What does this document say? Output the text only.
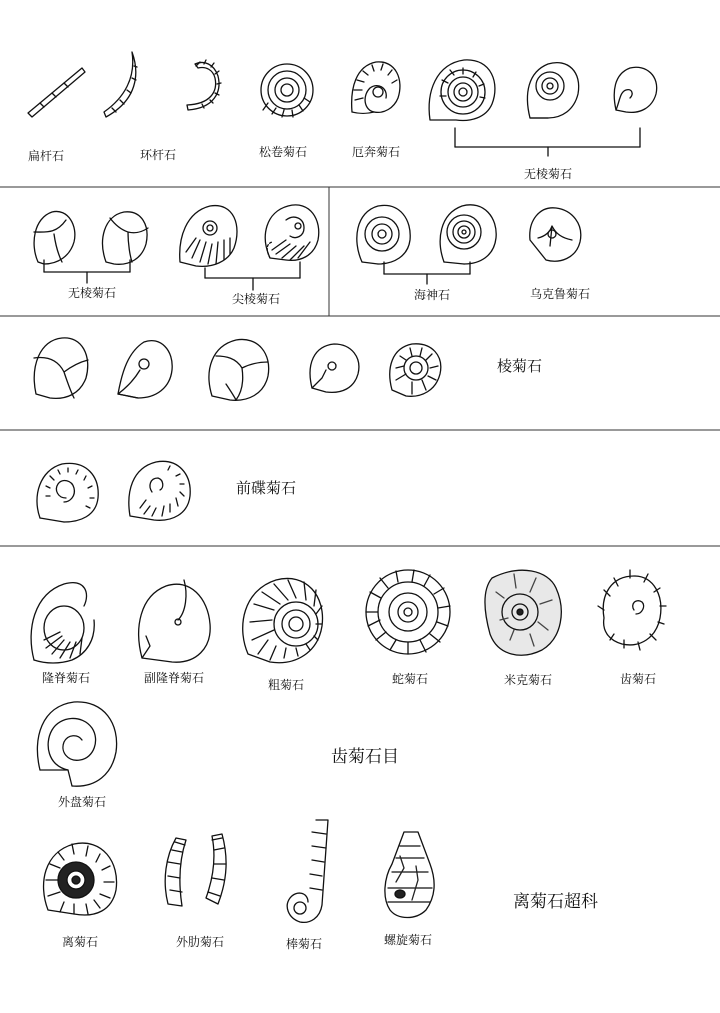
扁杆石	环杆石	松卷菊石	厄奔菊石
无棱菊石
无棱菊石	尖棱菊石	海神石	乌克鲁菊石
隆脊菊石	副隆脊菊石	粗菊石	蛇菊石	米克菊石	齿菊石
外盘菊石
离菊石	外肋菊石	棒菊石	螺旋菊石
棱菊石
前碟菊石
齿菊石目
离菊石超科
